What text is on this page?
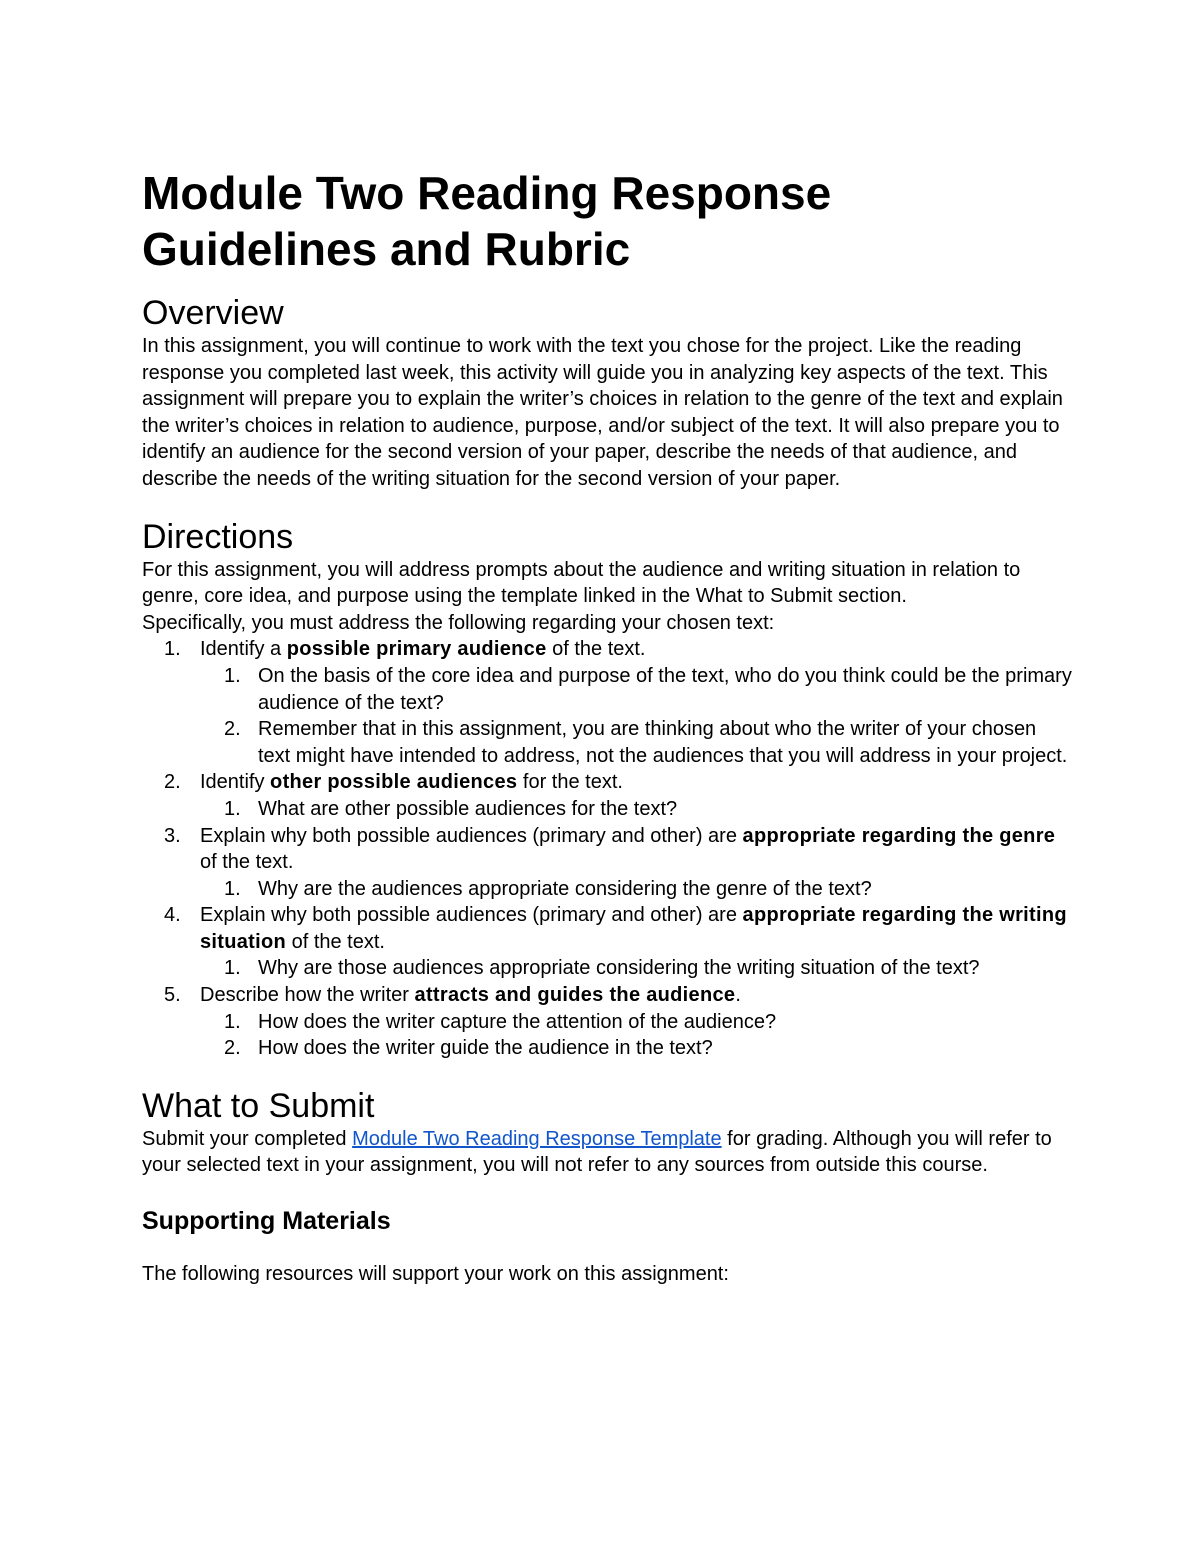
Module Two Reading Response
Guidelines and Rubric
Overview

In this assignment, you will continue to work with the text you chose for the project. Like the reading response you completed last week, this activity will guide you in analyzing key aspects of the text. This assignment will prepare you to explain the writer’s choices in relation to the genre of the text and explain the writer’s choices in relation to audience, purpose, and/or subject of the text. It will also prepare you to identify an audience for the second version of your paper, describe the needs of that audience, and describe the needs of the writing situation for the second version of your paper.

Directions

For this assignment, you will address prompts about the audience and writing situation in relation to genre, core idea, and purpose using the template linked in the What to Submit section.

Specifically, you must address the following regarding your chosen text:

1. Identify a possible primary audience of the text.
1. On the basis of the core idea and purpose of the text, who do you think could be the primary audience of the text?
2. Remember that in this assignment, you are thinking about who the writer of your chosen text might have intended to address, not the audiences that you will address in your project.
2. Identify other possible audiences for the text.
1. What are other possible audiences for the text?
3. Explain why both possible audiences (primary and other) are appropriate regarding the genre of the text.
1. Why are the audiences appropriate considering the genre of the text?
4. Explain why both possible audiences (primary and other) are appropriate regarding the writing situation of the text.
1. Why are those audiences appropriate considering the writing situation of the text?
5. Describe how the writer attracts and guides the audience.
1. How does the writer capture the attention of the audience?
2. How does the writer guide the audience in the text?
What to Submit

Submit your completed Module Two Reading Response Template for grading. Although you will refer to your selected text in your assignment, you will not refer to any sources from outside this course.

Supporting Materials

The following resources will support your work on this assignment:
